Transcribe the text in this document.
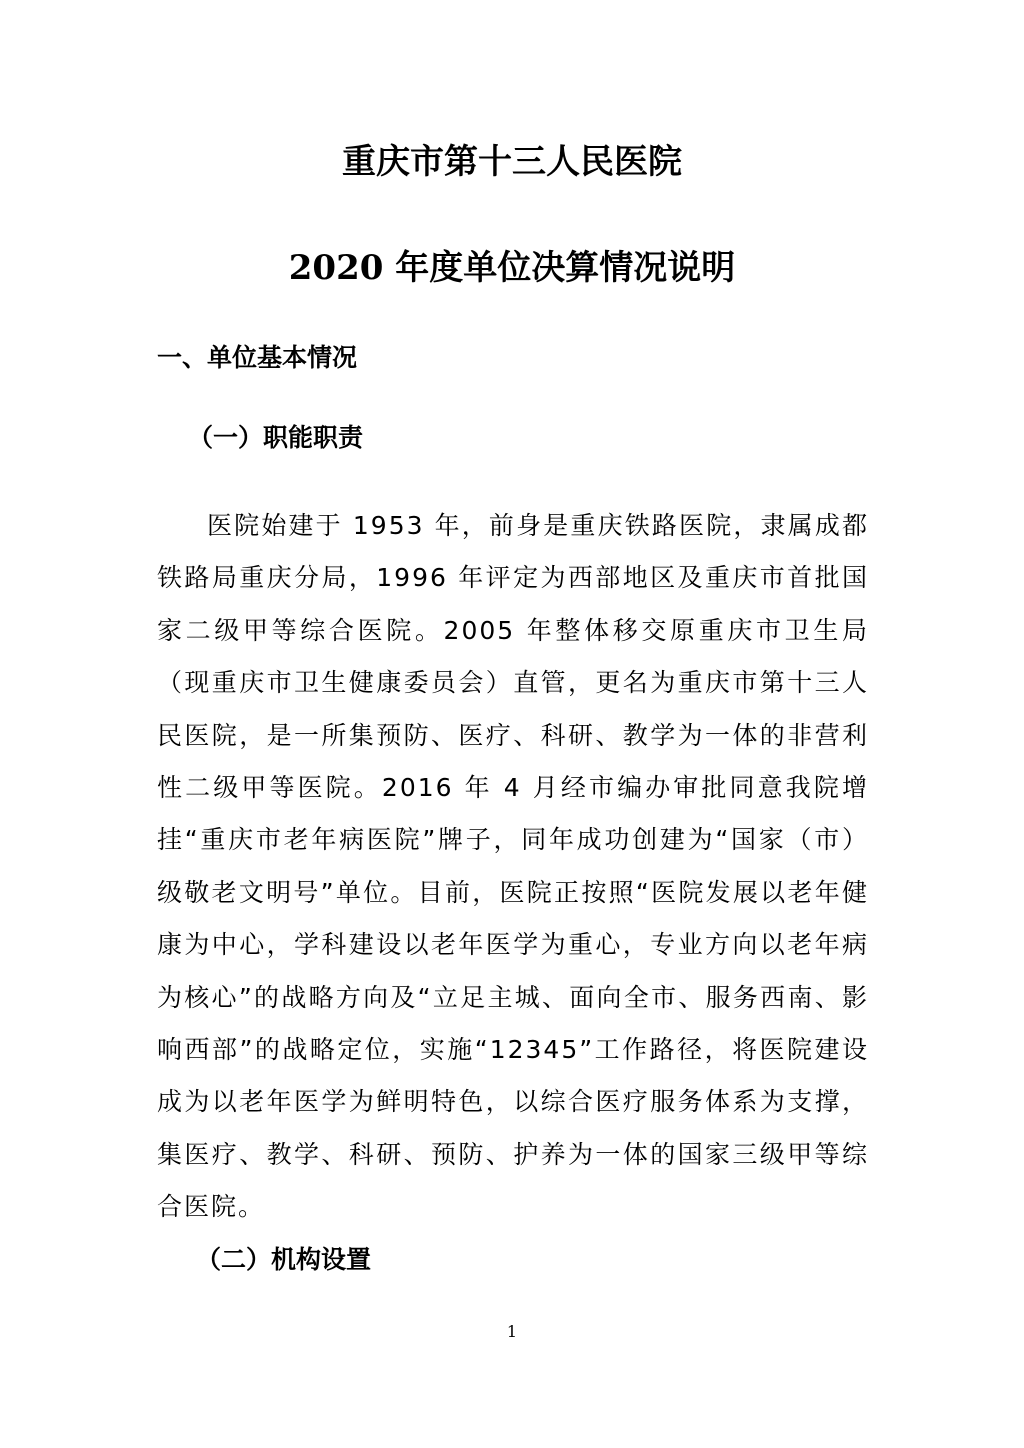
重庆市第十三人民医院
2020 年度单位决算情况说明
一、单位基本情况
（一）职能职责

医院始建于 1953 年，前身是重庆铁路医院，隶属成都铁路局重庆分局，1996 年评定为西部地区及重庆市首批国家二级甲等综合医院。2005 年整体移交原重庆市卫生局（现重庆市卫生健康委员会）直管，更名为重庆市第十三人民医院，是一所集预防、医疗、科研、教学为一体的非营利性二级甲等医院。2016 年 4 月经市编办审批同意我院增挂“重庆市老年病医院”牌子，同年成功创建为“国家（市）级敬老文明号”单位。目前，医院正按照“医院发展以老年健康为中心，学科建设以老年医学为重心，专业方向以老年病为核心”的战略方向及“立足主城、面向全市、服务西南、影响西部”的战略定位，实施“12345”工作路径，将医院建设成为以老年医学为鲜明特色，以综合医疗服务体系为支撑，集医疗、教学、科研、预防、护养为一体的国家三级甲等综合医院。

（二）机构设置
1
